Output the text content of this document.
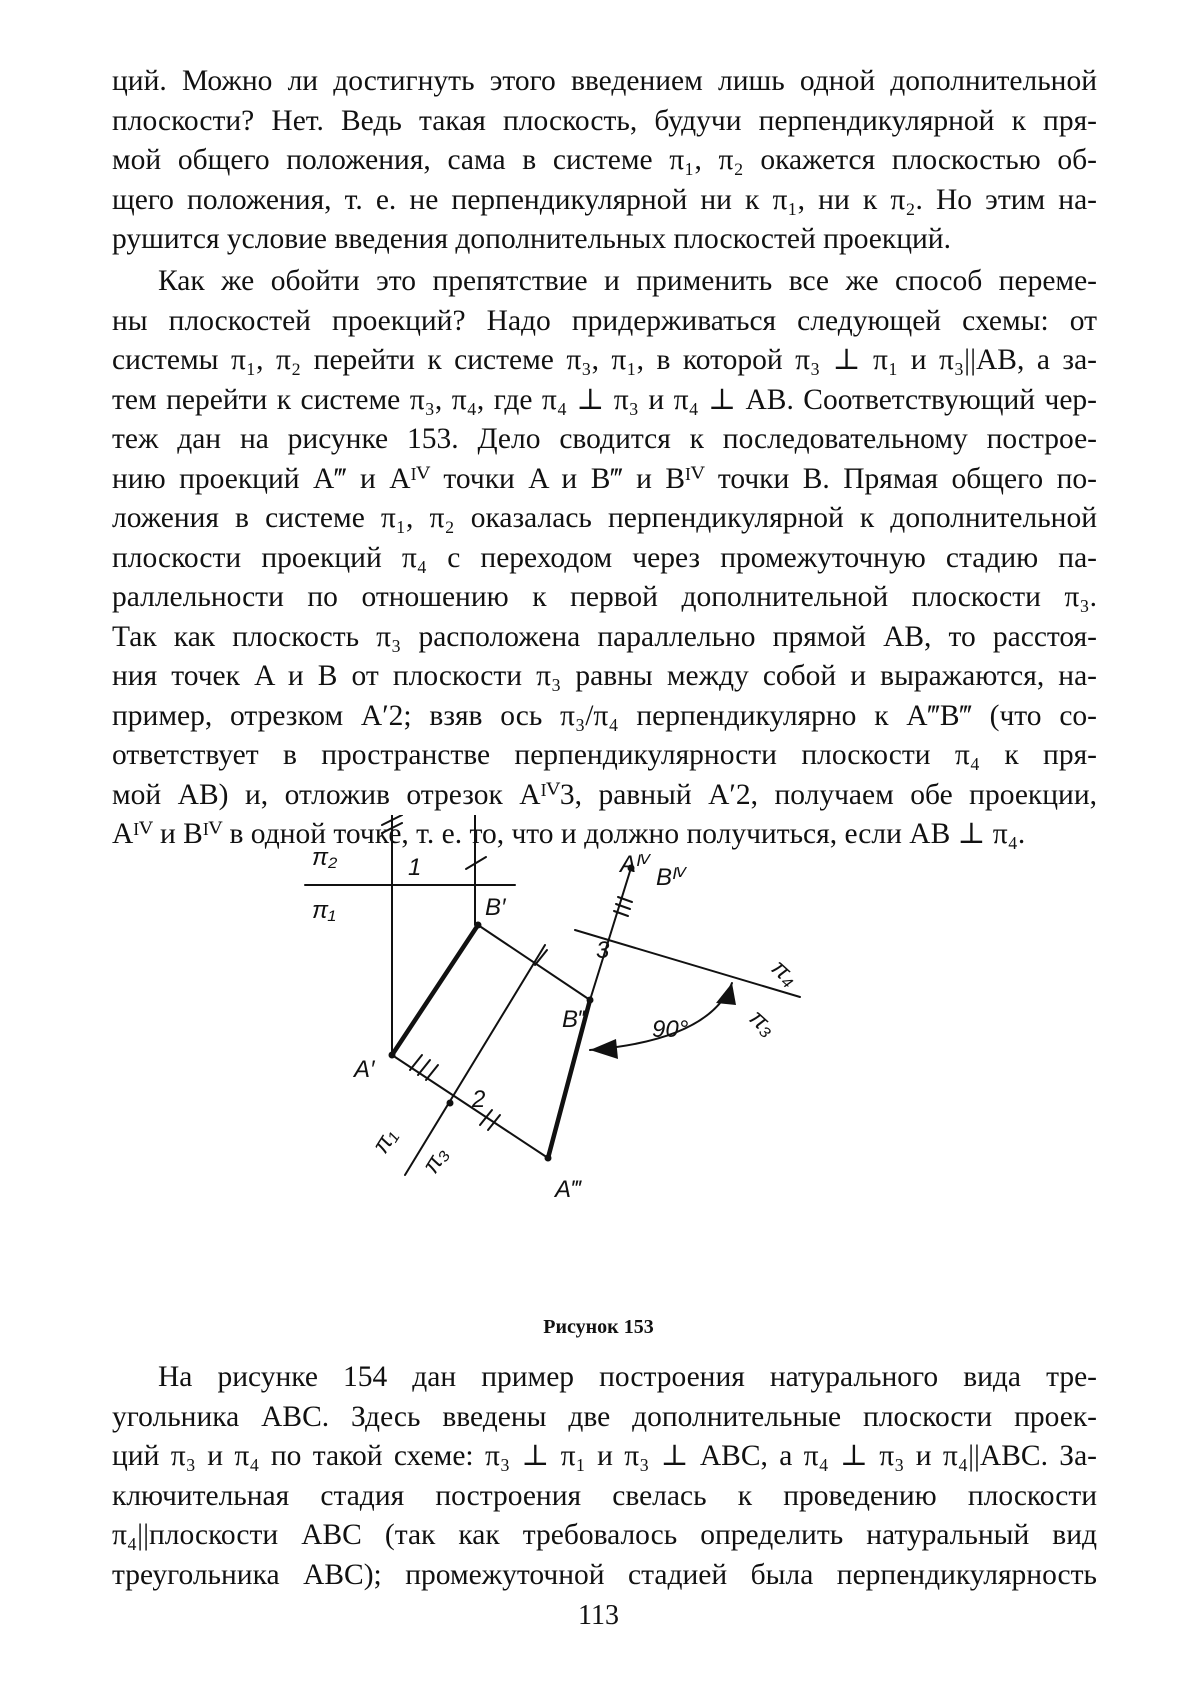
ций. Можно ли достигнуть этого введением лишь одной дополнительной

плоскости? Нет. Ведь такая плоскость, будучи перпендикулярной к пря-

мой общего положения, сама в системе π₁, π₂ окажется плоскостью об-

щего положения, т. е. не перпендикулярной ни к π₁, ни к π₂. Но этим на-

рушится условие введения дополнительных плоскостей проекций.

Как же обойти это препятствие и применить все же способ переме-

ны плоскостей проекций? Надо придерживаться следующей схемы: от

системы π₁, π₂ перейти к системе π₃, π₁, в которой π₃ ⊥ π₁ и π₃||AB, а за-

тем перейти к системе π₃, π₄, где π₄ ⊥ π₃ и π₄ ⊥ AB. Соответствующий чер-

теж дан на рисунке 153. Дело сводится к последовательному построе-

нию проекций A‴ и Aᴵⱽ точки A и B‴ и Bᴵⱽ точки B. Прямая общего по-

ложения в системе π₁, π₂ оказалась перпендикулярной к дополнительной

плоскости проекций π₄ с переходом через промежуточную стадию па-

раллельности по отношению к первой дополнительной плоскости π₃.

Так как плоскость π₃ расположена параллельно прямой AB, то расстоя-

ния точек A и B от плоскости π₃ равны между собой и выражаются, на-

пример, отрезком A′2; взяв ось π₃/π₄ перпендикулярно к A‴B‴ (что со-

ответствует в пространстве перпендикулярности плоскости π₄ к пря-

мой AB) и, отложив отрезок Aᴵⱽ3, равный A′2, получаем обе проекции,

Aᴵⱽ и Bᴵⱽ в одной точке, т. е. то, что и должно получиться, если AB ⊥ π₄.

π₂	1
π₁	B′
A′
2
π₁
π₃
A‴
B‴
3
Aᴵⱽ Bᴵⱽ
π₄
π₃
90°
Рисунок 153

На рисунке 154 дан пример построения натурального вида тре-

угольника ABC. Здесь введены две дополнительные плоскости проек-

ций π₃ и π₄ по такой схеме: π₃ ⊥ π₁ и π₃ ⊥ ABC, а π₄ ⊥ π₃ и π₄||ABC. За-

ключительная стадия построения свелась к проведению плоскости

π₄||плоскости ABC (так как требовалось определить натуральный вид

треугольника ABC); промежуточной стадией была перпендикулярность

113
